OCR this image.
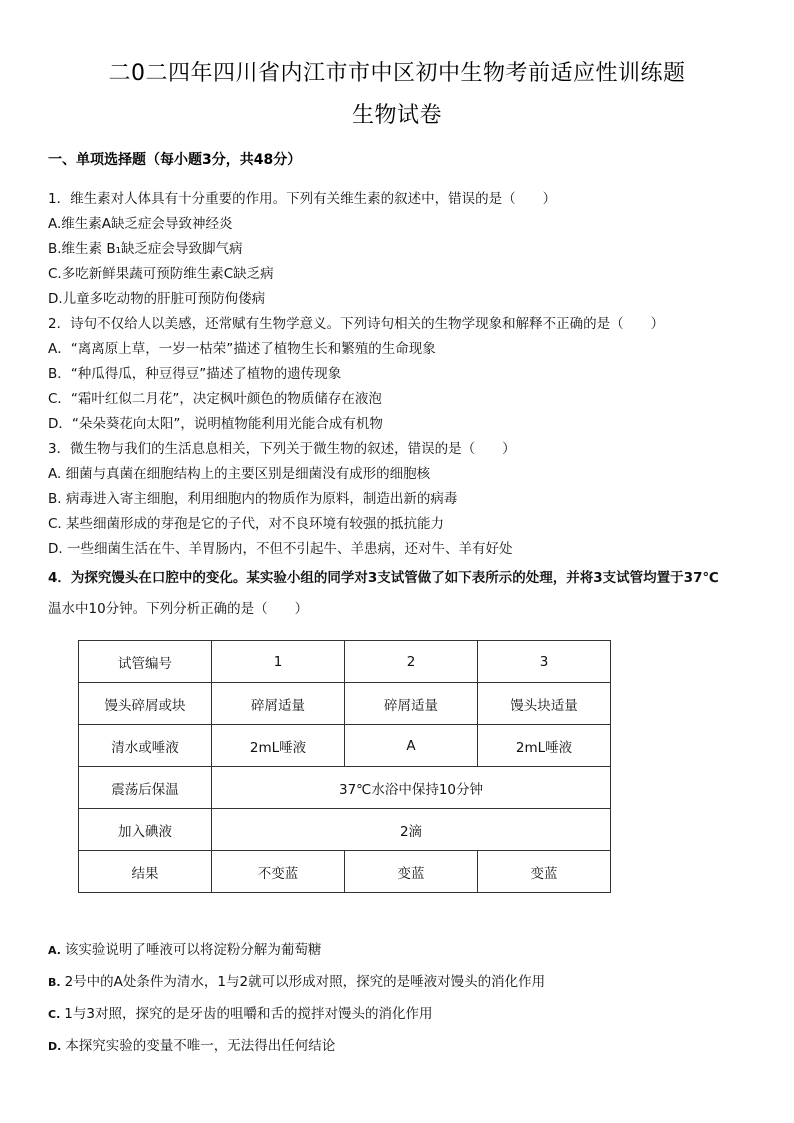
二0二四年四川省内江市市中区初中生物考前适应性训练题
生物试卷
一、单项选择题（每小题3分，共48分）
1．维生素对人体具有十分重要的作用。下列有关维生素的叙述中，错误的是（　　）
A.维生素A缺乏症会导致神经炎
B.维生素 B₁缺乏症会导致脚气病
C.多吃新鲜果蔬可预防维生素C缺乏病
D.儿童多吃动物的肝脏可预防佝偻病
2．诗句不仅给人以美感，还常赋有生物学意义。下列诗句相关的生物学现象和解释不正确的是（　　）
A．“离离原上草，一岁一枯荣”描述了植物生长和繁殖的生命现象
B．“种瓜得瓜，种豆得豆”描述了植物的遗传现象
C．“霜叶红似二月花”，决定枫叶颜色的物质储存在液泡
D．“朵朵葵花向太阳”，说明植物能利用光能合成有机物
3．微生物与我们的生活息息相关，下列关于微生物的叙述，错误的是（　　）
A. 细菌与真菌在细胞结构上的主要区别是细菌没有成形的细胞核
B. 病毒进入寄主细胞，利用细胞内的物质作为原料，制造出新的病毒
C. 某些细菌形成的芽孢是它的子代，对不良环境有较强的抵抗能力
D. 一些细菌生活在牛、羊胃肠内，不但不引起牛、羊患病，还对牛、羊有好处
4．为探究馒头在口腔中的变化。某实验小组的同学对3支试管做了如下表所示的处理，并将3支试管均置于37℃
温水中10分钟。下列分析正确的是（　　）
试管编号	1	2	3
馒头碎屑或块	碎屑适量	碎屑适量	馒头块适量
清水或唾液	2mL唾液	A	2mL唾液
震荡后保温	37℃水浴中保持10分钟		
加入碘液	2滴		
结果	不变蓝	变蓝	变蓝
A. 该实验说明了唾液可以将淀粉分解为葡萄糖
B. 2号中的A处条件为清水，1与2就可以形成对照，探究的是唾液对馒头的消化作用
C. 1与3对照，探究的是牙齿的咀嚼和舌的搅拌对馒头的消化作用
D. 本探究实验的变量不唯一，无法得出任何结论
